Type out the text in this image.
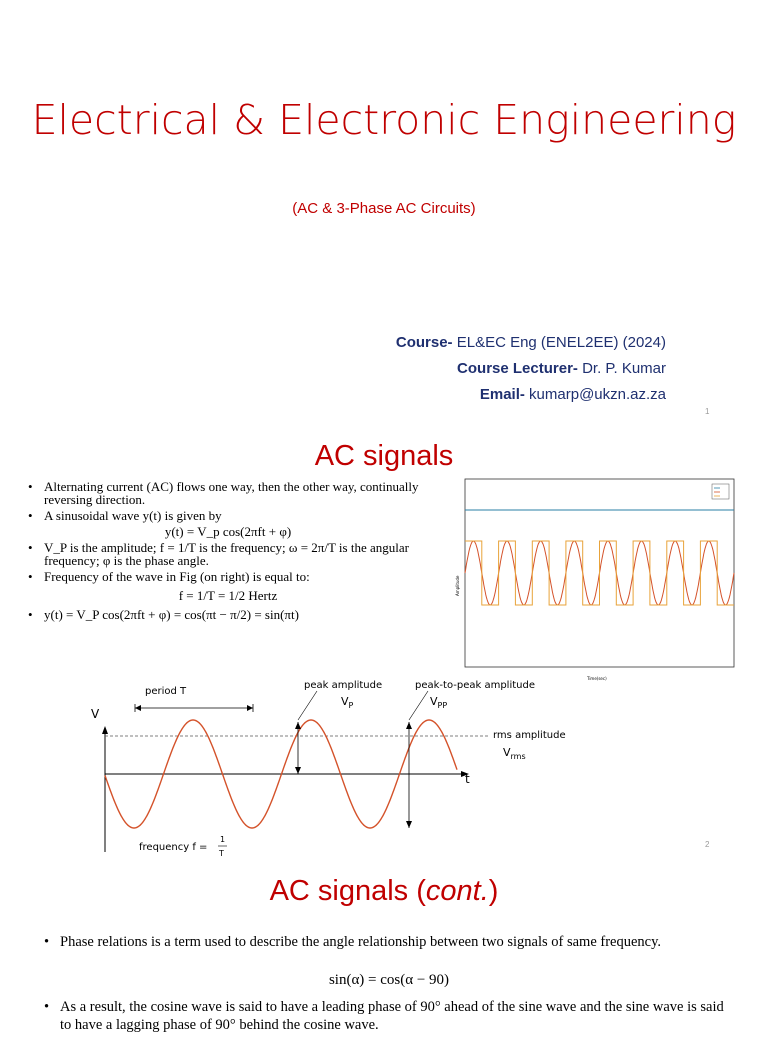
Electrical & Electronic Engineering
(AC & 3-Phase AC Circuits)
Course- EL&EC Eng (ENEL2EE) (2024)
Course Lecturer- Dr. P. Kumar
Email- kumarp@ukzn.az.za
1
AC signals
• Alternating current (AC) flows one way, then the other way, continually reversing direction.
• A sinusoidal wave y(t) is given by
y(t) = V_p cos(2πft + φ)
• V_P is the amplitude; f = 1/T is the frequency; ω = 2π/T is the angular frequency; φ is the phase angle.
• Frequency of the wave in Fig (on right) is equal to:
f = 1/T = 1/2 Hertz
• y(t) = V_P cos(2πft + φ) = cos(πt − π/2) = sin(πt)
Amplitude
Time(sec)
V
t
period T
peak amplitude
$V_P$
peak-to-peak amplitude
$V_{PP}$
rms amplitude
$V_{rms}$
frequency f =
1
T
2
AC signals (cont.)
• Phase relations is a term used to describe the angle relationship between two signals of same frequency.
sin(α) = cos(α − 90)
• As a result, the cosine wave is said to have a leading phase of 90° ahead of the sine wave and the sine wave is said to have a lagging phase of 90° behind the cosine wave.
